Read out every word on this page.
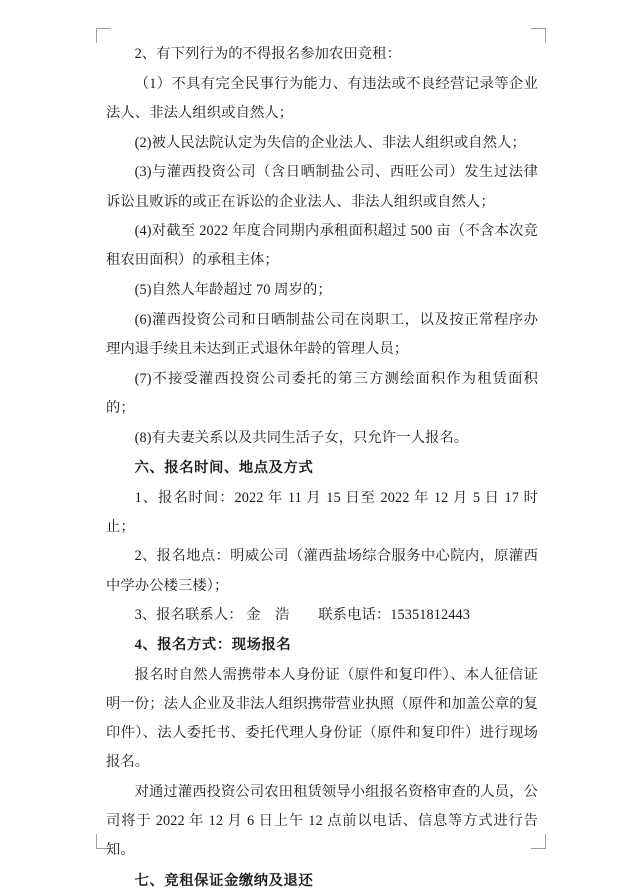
2、有下列行为的不得报名参加农田竞租：

（1）不具有完全民事行为能力、有违法或不良经营记录等企业法人、非法人组织或自然人；

(2)被人民法院认定为失信的企业法人、非法人组织或自然人；

(3)与灌西投资公司（含日晒制盐公司、西旺公司）发生过法律诉讼且败诉的或正在诉讼的企业法人、非法人组织或自然人；

(4)对截至 2022 年度合同期内承租面积超过 500 亩（不含本次竞租农田面积）的承租主体；

(5)自然人年龄超过 70 周岁的；

(6)灌西投资公司和日晒制盐公司在岗职工，以及按正常程序办理内退手续且未达到正式退休年龄的管理人员；

(7)不接受灌西投资公司委托的第三方测绘面积作为租赁面积的；

(8)有夫妻关系以及共同生活子女，只允许一人报名。

六、报名时间、地点及方式

1、报名时间：2022 年 11 月 15 日至 2022 年 12 月 5 日 17 时止；

2、报名地点：明威公司（灌西盐场综合服务中心院内，原灌西中学办公楼三楼）；

3、报名联系人： 金　浩　　联系电话：15351812443

4、报名方式：现场报名

报名时自然人需携带本人身份证（原件和复印件）、本人征信证明一份；法人企业及非法人组织携带营业执照（原件和加盖公章的复印件）、法人委托书、委托代理人身份证（原件和复印件）进行现场报名。

对通过灌西投资公司农田租赁领导小组报名资格审查的人员，公司将于 2022 年 12 月 6 日上午 12 点前以电话、信息等方式进行告知。

七、竞租保证金缴纳及退还
